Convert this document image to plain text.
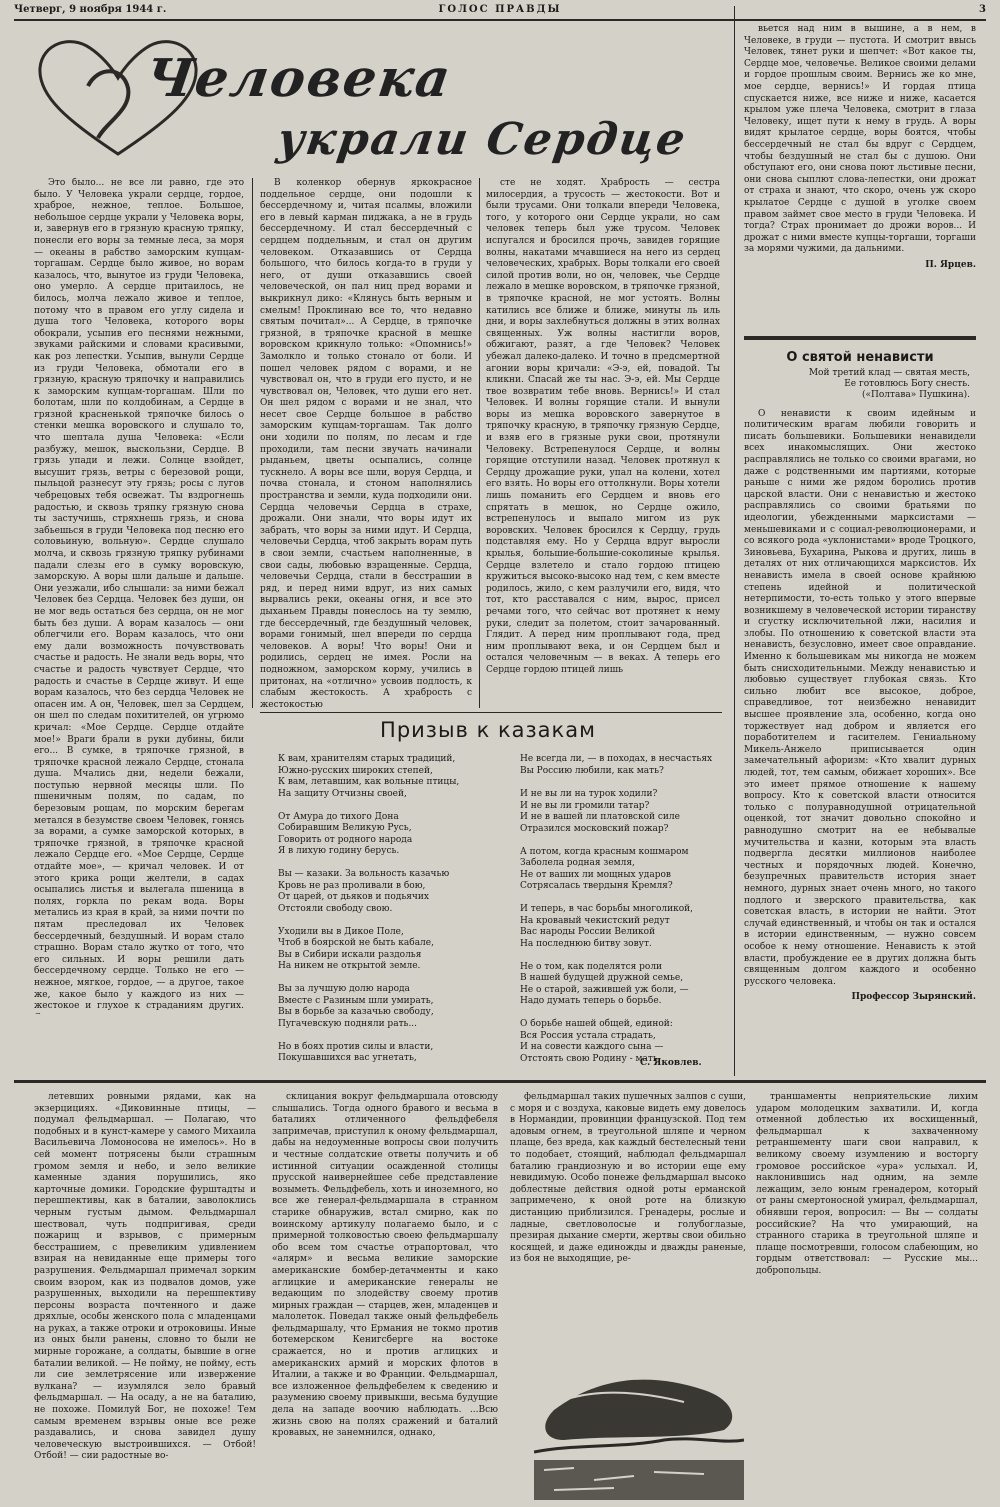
Четверг, 9 ноября 1944 г.	ГОЛОС ПРАВДЫ	3
Человека
украли Сердце

Это было... не все ли равно, где это было. У Человека украли сердце, гордое, храброе, нежное, теплое. Большое, небольшое сердце украли у Человека воры, и, завернув его в грязную красную тряпку, понесли его воры за темные леса, за моря — океаны в рабство заморским купцам-торгашам. Сердце было живое, но ворам казалось, что, вынутое из груди Человека, оно умерло. А сердце притаилось, не билось, молча лежало живое и теплое, потому что в правом его углу сидела и душа того Человека, которого воры обокрали, усыпив его песнями нежными, звуками райскими и словами красивыми, как роз лепестки. Усыпив, вынули Сердце из груди Человека, обмотали его в грязную, красную тряпочку и направились к заморским купцам-торгашам. Шли по болотам, шли по колдобинам, а Сердце в грязной красненькой тряпочке билось о стенки мешка воровского и слушало то, что шептала душа Человека: «Если разбужу, мешок, выскользни, Сердце. В грязь упади и лежи. Солнце взойдет, высушит грязь, ветры с березовой рощи, пыльцой разнесут эту грязь; росы с лугов чебрецовых тебя освежат. Ты вздрогнешь радостью, и сквозь тряпку грязную снова ты застучишь, стряхнешь грязь, и снова забьешься в груди Человека под песню его соловьиную, вольную». Сердце слушало молча, и сквозь грязную тряпку рубинами падали слезы его в сумку воровскую, заморскую. А воры шли дальше и дальше. Они уезжали, ибо слышали: за ними бежал Человек без Сердца. Человек без души, он не мог ведь остаться без сердца, он не мог быть без души. А ворам казалось — они облегчили его. Ворам казалось, что они ему дали возможность почувствовать счастье и радость. Не знали ведь воры, что счастье и радость чувствует Сердце, что радость и счастье в Сердце живут. И еще ворам казалось, что без сердца Человек не опасен им. А он, Человек, шел за Сердцем, он шел по следам похитителей, он угрюмо кричал: «Мое Сердце. Сердце отдайте мое!» Враги брали в руки дубины, били его... В сумке, в тряпочке грязной, в тряпочке красной лежало Сердце, стонала душа. Мчались дни, недели бежали, поступью нервной месяцы шли. По пшеничным полям, по садам, по березовым рощам, по морским берегам метался в безумстве своем Человек, гонясь за ворами, а сумке заморской которых, в тряпочке грязной, в тряпочке красной лежало Сердце его. «Мое Сердце, Сердце отдайте мое», — кричал человек. И от этого крика рощи желтели, в садах осыпались листья и вылегала пшеница в полях, горкла по рекам вода. Воры метались из края в край, за ними почти по пятам преследовал их Человек бессердечный, бездушный. И ворам стало страшно. Ворам стало жутко от того, что его сильных. И воры решили дать бессердечному сердце. Только не его — нежное, мягкое, гордое, — а другое, такое же, какое было у каждого из них — жестокое и глухое к страданиям других.

В коленкор обернув яркокрасное поддельное сердце, они подошли к бессердечному и, читая псалмы, вложили его в левый карман пиджака, а не в грудь бессердечному. И стал бессердечный с сердцем поддельным, и стал он другим человеком. Отказавшись от Сердца большого, что билось когда-то в груди у него, от души отказавшись своей человеческой, он пал ниц пред ворами и выкрикнул дико: «Клянусь быть верным и смелым! Проклинаю все то, что недавно святым почитал»... А Сердце, в тряпочке грязной, в тряпочке красной в мешке воровском крикнуло только: «Опомнись!» Замолкло и только стонало от боли. И пошел человек рядом с ворами, и не чувствовал он, что в груди его пусто, и не чувствовал он, Человек, что души его нет. Он шел рядом с ворами и не знал, что несет свое Сердце большое в рабство заморским купцам-торгашам. Так долго они ходили по полям, по лесам и где проходили, там песни звучать начинали рыданьем, цветы осыпались, солнце тускнело. А воры все шли, воруя Сердца, и почва стонала, и стоном наполнялись пространства и земли, куда подходили они. Сердца человечьи Сердца в страхе, дрожали. Они знали, что воры идут их забрать, что воры за ними идут. И Сердца, человечьи Сердца, чтоб закрыть ворам путь в свои земли, счастьем наполненные, в свои сады, любовью взращенные. Сердца, человечьи Сердца, стали в бесстрашии в ряд, и перед ними вдруг, из них самых вырвались реки, океаны огня, и все это дыханьем Правды понеслось на ту землю, где бессердечный, где бездушный человек, ворами гонимый, шел впереди по сердца человеков. А воры! Что воры! Они и родились, сердец не имея. Росли на подножном, заморском корму, учились в притонах, на «отлично» усвоив подлость, к слабым жестокость. А храбрость с жестокостью

сте не ходят. Храбрость — сестра милосердия, а трусость — жестокости. Вот и были трусами. Они толкали впереди Человека, того, у которого они Сердце украли, но сам человек теперь был уже трусом. Человек испугался и бросился прочь, завидев горящие волны, накатами мчавшиеся на него из сердец человеческих, храбрых. Воры толкали его своей силой против воли, но он, человек, чье Сердце лежало в мешке воровском, в тряпочке грязной, в тряпочке красной, не мог устоять. Волны катились все ближе и ближе, минуты ль иль дни, и воры захлебнуться должны в этих волнах священных. Уж волны настигли воров, обжигают, разят, а где Человек? Человек убежал далеко-далеко. И точно в предсмертной агонии воры кричали: «Э-э, ей, повадой. Ты кликни. Спасай же ты нас. Э-э, ей. Мы Сердце твое возвратим тебе вновь. Вернись!» И стал Человек. И волны горящие стали. И вынули воры из мешка воровского завернутое в тряпочку красную, в тряпочку грязную Сердце, и взяв его в грязные руки свои, протянули Человеку. Встрепенулося Сердце, и волны горящие отступили назад. Человек протянул к Сердцу дрожащие руки, упал на колени, хотел его взять. Но воры его оттолкнули. Воры хотели лишь поманить его Сердцем и вновь его спрятать в мешок, но Сердце ожило, встрепенулось и выпало мигом из рук воровских. Человек бросился к Сердцу, грудь подставляя ему. Но у Сердца вдруг выросли крылья, большие-большие-соколиные крылья. Сердце взлетело и стало гордою птицею кружиться высоко-высоко над тем, с кем вместе родилось, жило, с кем разлучили его, видя, что тот, кто расставался с ним, вырос, присел речами того, что сейчас вот протянет к нему руки, следит за полетом, стоит зачарованный. Глядит. А перед ним проплывают года, пред ним проплывают века, и он Сердцем был и остался человечным — в веках. А теперь его Сердце гордою птицей лишь

вьется над ним в вышине, а в нем, в Человеке, в груди — пустота. И смотрит ввысь Человек, тянет руки и шепчет: «Вот какое ты, Сердце мое, человечье. Великое своими делами и гордое прошлым своим. Вернись же ко мне, мое сердце, вернись!» И гордая птица спускается ниже, все ниже и ниже, касается крылом уже плеча Человека, смотрит в глаза Человеку, ищет пути к нему в грудь. А воры видят крылатое сердце, воры боятся, чтобы бессердечный не стал бы вдруг с Сердцем, чтобы бездушный не стал бы с душою. Они обступают его, они снова поют льстивые песни, они снова сыплют слова-лепестки, они дрожат от страха и знают, что скоро, очень уж скоро крылатое Сердце с душой в уголке своем правом займет свое место в груди Человека. И тогда? Страх пронимает до дрожи воров... И дрожат с ними вместе купцы-торгаши, торгаши за морями чужими, да дальними.

П. Ярцев.
О святой ненависти
Мой третий клад — святая месть,
Ее готовлюсь Богу снесть.
(«Полтава» Пушкина).

О ненависти к своим идейным и политическим врагам любили говорить и писать большевики. Большевики ненавидели всех инакомыслящих. Они жестоко расправлялись не только со своими врагами, но даже с родственными им партиями, которые раньше с ними же рядом боролись против царской власти. Они с ненавистью и жестоко расправлялись со своими братьями по идеологии, убежденными марксистами — меньшевиками и с социал-революционерами, и со всякого рода «уклонистами» вроде Троцкого, Зиновьева, Бухарина, Рыкова и других, лишь в деталях от них отличающихся марксистов. Их ненависть имела в своей основе крайнюю степень идейной и политической нетерпимости, то-есть только у этого впервые возникшему в человеческой истории тиранству и сгустку исключительной лжи, насилия и злобы. По отношению к советской власти эта ненависть, безусловно, имеет свое оправдание. Именно к большевикам мы никогда не можем быть снисходительными. Между ненавистью и любовью существует глубокая связь. Кто сильно любит все высокое, доброе, справедливое, тот неизбежно ненавидит высшее проявление зла, особенно, когда оно торжествует над добром и является его поработителем и гасителем. Гениальному Микель-Анжело приписывается один замечательный афоризм: «Кто хвалит дурных людей, тот, тем самым, обижает хороших». Все это имеет прямое отношение к нашему вопросу. Кто к советской власти относится только с полуравнодушной отрицательной оценкой, тот значит довольно спокойно и равнодушно смотрит на ее небывалые мучительства и казни, которым эта власть подвергла десятки миллионов наиболее честных и порядочных людей. Конечно, безупречных правительств история знает немного, дурных знает очень много, но такого подлого и зверского правительства, как советская власть, в истории не найти. Этот случай единственный, и чтобы он так и остался в истории единственным, — нужно совсем особое к нему отношение. Ненависть к этой власти, пробуждение ее в других должна быть священным долгом каждого и особенно русского человека.

Профессор Зырянский.
Призыв к казакам
К вам, хранителям старых традиций,
Южно-русских широких степей,
К вам, летавшим, как вольные птицы,
На защиту Отчизны своей,

От Амура до тихого Дона
Собиравшим Великую Русь,
Говорить от родного народа
Я в лихую годину берусь.

Вы — казаки. За вольность казачью
Кровь не раз проливали в бою,
От царей, от дьяков и подьячих
Отстояли свободу свою.

Уходили вы в Дикое Поле,
Чтоб в боярской не быть кабале,
Вы в Сибири искали раздолья
На никем не открытой земле.

Вы за лучшую долю народа
Вместе с Разиным шли умирать,
Вы в борьбе за казачью свободу,
Пугачевскую подняли рать...

Но в боях против силы и власти,
Покушавшихся вас угнетать,
Не всегда ли, — в походах, в несчастьях
Вы Россию любили, как мать?

И не вы ли на турок ходили?
И не вы ли громили татар?
И не в вашей ли платовской силе
Отразился московский пожар?

А потом, когда красным кошмаром
Заболела родная земля,
Не от ваших ли мощных ударов
Сотрясалась твердыня Кремля?

И теперь, в час борьбы многоликой,
На кровавый чекистский редут
Вас народы России Великой
На последнюю битву зовут.

Не о том, как поделятся роли
В нашей будущей дружной семье,
Не о старой, зажившей уж боли, —
Надо думать теперь о борьбе.

О борьбе нашей общей, единой:
Вся Россия устала страдать,
И на совести каждого сына —
Отстоять свою Родину - мать.
С. Яковлев.

летевших ровными рядами, как на экзерцициях. «Диковинные птицы, — подумал фельдмаршал. — Полагаю, что подобных и в кунст-камере у самого Михаила Васильевича Ломоносова не имелось». Но в сей момент потрясены были страшным громом земля и небо, и зело великие каменные здания порушились, яко карточные домики. Городские фурштадты и перешпективы, как в баталии, заволоклись черным густым дымом. Фельдмаршал шествовал, чуть подпригивая, среди пожарищ и взрывов, с примерным бесстрашием, с превеликим удивлением взирая на невиданные еще примеры того разрушения. Фельдмаршал примечал зорким своим взором, как из подвалов домов, уже разрушенных, выходили на перешпективу персоны возраста почтенного и даже дряхлые, особы женского пола с младенцами на руках, а также отроки и отроковицы. Иные из оных были ранены, словно то были не мирные горожане, а солдаты, бывшие в огне баталии великой. — Не пойму, не пойму, есть ли сие землетрясение или извержение вулкана? — изумлялся зело бравый фельдмаршал. — На осаду, а не на баталию, не похоже. Помилуй Бог, не похоже! Тем самым временем взрывы оные все реже раздавались, и снова завидел душу человеческую выстроившихся. — Отбой! Отбой! — сии радостные во-

склицания вокруг фельдмаршала отовсюду слышались. Тогда одного бравого и весьма в баталиях отличенного фельдфебеля запримечав, приступил к оному фельдмаршал, дабы на недоуменные вопросы свои получить и честные солдатские ответы получить и об истинной ситуации осажденной столицы прусской наивернейшее себе представление возыметь. Фельдфебель, хоть и иноземного, но все же генерал-фельдмаршала в странном старике обнаружив, встал смирно, как по воинскому артикулу полагаемо было, и с примерной толковостью своею фельдмаршалу обо всем том счастье отрапортовал, что «алярм» и весьма великие заморские американские бомбер-детачменты и како аглицкие и американские генералы не ведающим по злодейству своему против мирных граждан — старцев, жен, младенцев и малолеток. Поведал также оный фельдфебель фельдмаршалу, что Ермания не токмо против ботемерском Кенигсберге на востоке сражается, но и против аглицких и американских армий и морских флотов в Италии, а также и во Франции. Фельдмаршал, все изложенное фельдфебелем к сведению и разумению своему привыкши, весьма будущие дела на западе воочию наблюдать. ...Всю жизнь свою на полях сражений и баталий кровавых, не занемнился, однако,

фельдмаршал таких пушечных залпов с суши, с моря и с воздуха, каковые видеть ему довелось в Нормандии, провинции французской. Под тем адовым огнем, в треугольной шляпе и черном плаще, без вреда, как каждый бестелесный тени то подобает, стоящий, наблюдал фельдмаршал баталию грандиозную и во истории еще ему невидимую. Особо понеже фельдмаршал высоко доблестные действия одной роты ерманской запримечено, к оной роте на близкую дистанцию приблизился. Гренадеры, рослые и ладные, светловолосые и голубоглазые, презирая дыхание смерти, жертвы свои обильно косящей, и даже единожды и дважды раненые, из боя не выходящие, ре-

траншаменты неприятельские лихим ударом молодецким захватили. И, когда отменной доблестью их восхищенный, фельдмаршал к захваченному ретраншементу шаги свои направил, к великому своему изумлению и восторгу громовое российское «ура» услыхал. И, наклонившись над одним, на земле лежащим, зело юным гренадером, который от раны смертоносной умирал, фельдмаршал, обнявши героя, вопросил: — Вы — солдаты российские? На что умирающий, на странного старика в треугольной шляпе и плаще посмотревши, голосом слабеющим, но гордым ответствовал: — Русские мы... добропольцы.
